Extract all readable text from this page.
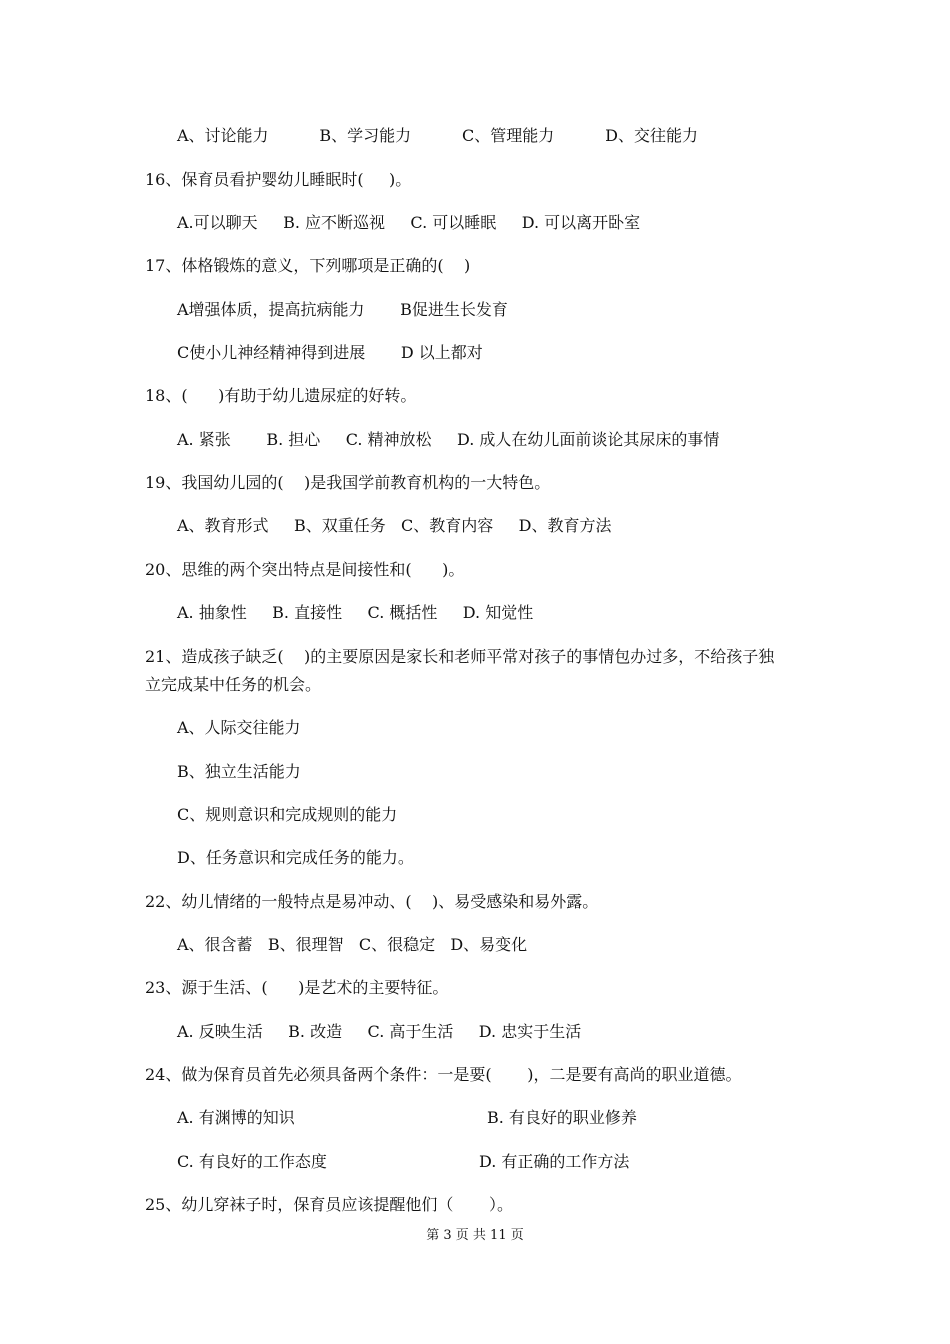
A、讨论能力          B、学习能力          C、管理能力          D、交往能力
16、保育员看护婴幼儿睡眠时(     )。
A.可以聊天     B. 应不断巡视     C. 可以睡眠     D. 可以离开卧室
17、体格锻炼的意义，下列哪项是正确的(    )
A增强体质，提高抗病能力       B促进生长发育
C使小儿神经精神得到进展       D 以上都对
18、(      )有助于幼儿遗尿症的好转。
A. 紧张       B. 担心     C. 精神放松     D. 成人在幼儿面前谈论其尿床的事情
19、我国幼儿园的(    )是我国学前教育机构的一大特色。
A、教育形式     B、双重任务   C、教育内容     D、教育方法
20、思维的两个突出特点是间接性和(      )。
A. 抽象性     B. 直接性     C. 概括性     D. 知觉性
21、造成孩子缺乏(    )的主要原因是家长和老师平常对孩子的事情包办过多，不给孩子独
立完成某中任务的机会。
A、人际交往能力
B、独立生活能力
C、规则意识和完成规则的能力
D、任务意识和完成任务的能力。
22、幼儿情绪的一般特点是易冲动、(    )、易受感染和易外露。
A、很含蓄   B、很理智   C、很稳定   D、易变化
23、源于生活、(      )是艺术的主要特征。
A. 反映生活     B. 改造     C. 高于生活     D. 忠实于生活
24、做为保育员首先必须具备两个条件：一是要(       )，二是要有高尚的职业道德。
A. 有渊博的知识	B. 有良好的职业修养
C. 有良好的工作态度	D. 有正确的工作方法
25、幼儿穿袜子时，保育员应该提醒他们（       ）。
第 3 页 共 11 页
